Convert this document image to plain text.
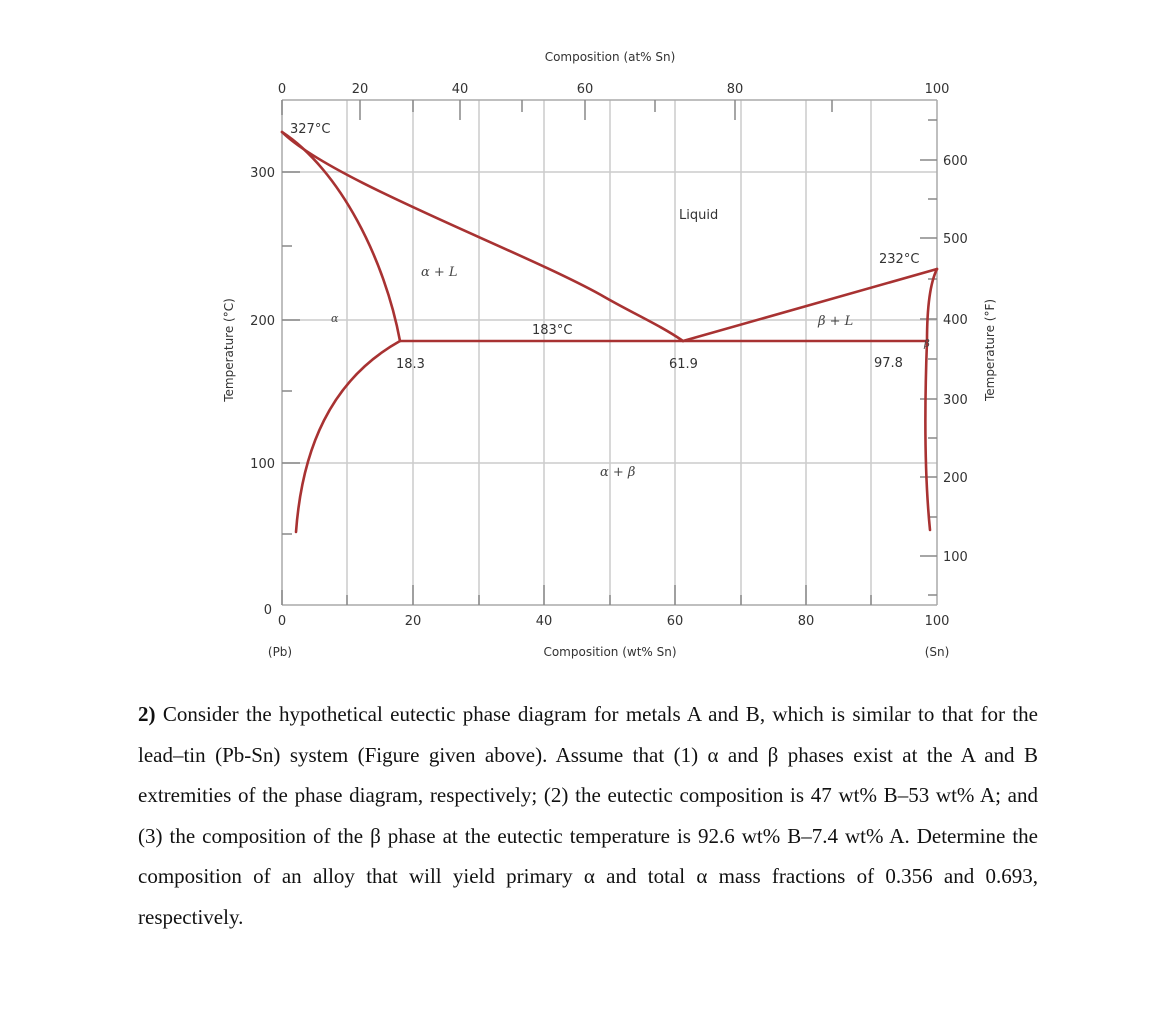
Composition (at% Sn)
0	20	40	60	80	100
0	20	40	60	80	100
Composition (wt% Sn)
(Pb)	(Sn)
0
100
200
300
Temperature (°C)
100
200
300
400
500
600
Temperature (°F)
327°C
232°C
183°C
Liquid
α + L
α	β + L
β
α + β
18.3	61.9	97.8
2) Consider the hypothetical eutectic phase diagram for metals A and B, which is similar to that for the lead–tin (Pb-Sn) system (Figure given above). Assume that (1) α and β phases exist at the A and B extremities of the phase diagram, respectively; (2) the eutectic composition is 47 wt% B–53 wt% A; and (3) the composition of the β phase at the eutectic temperature is 92.6 wt% B–7.4 wt% A. Determine the composition of an alloy that will yield primary α and total α mass fractions of 0.356 and 0.693, respectively.
